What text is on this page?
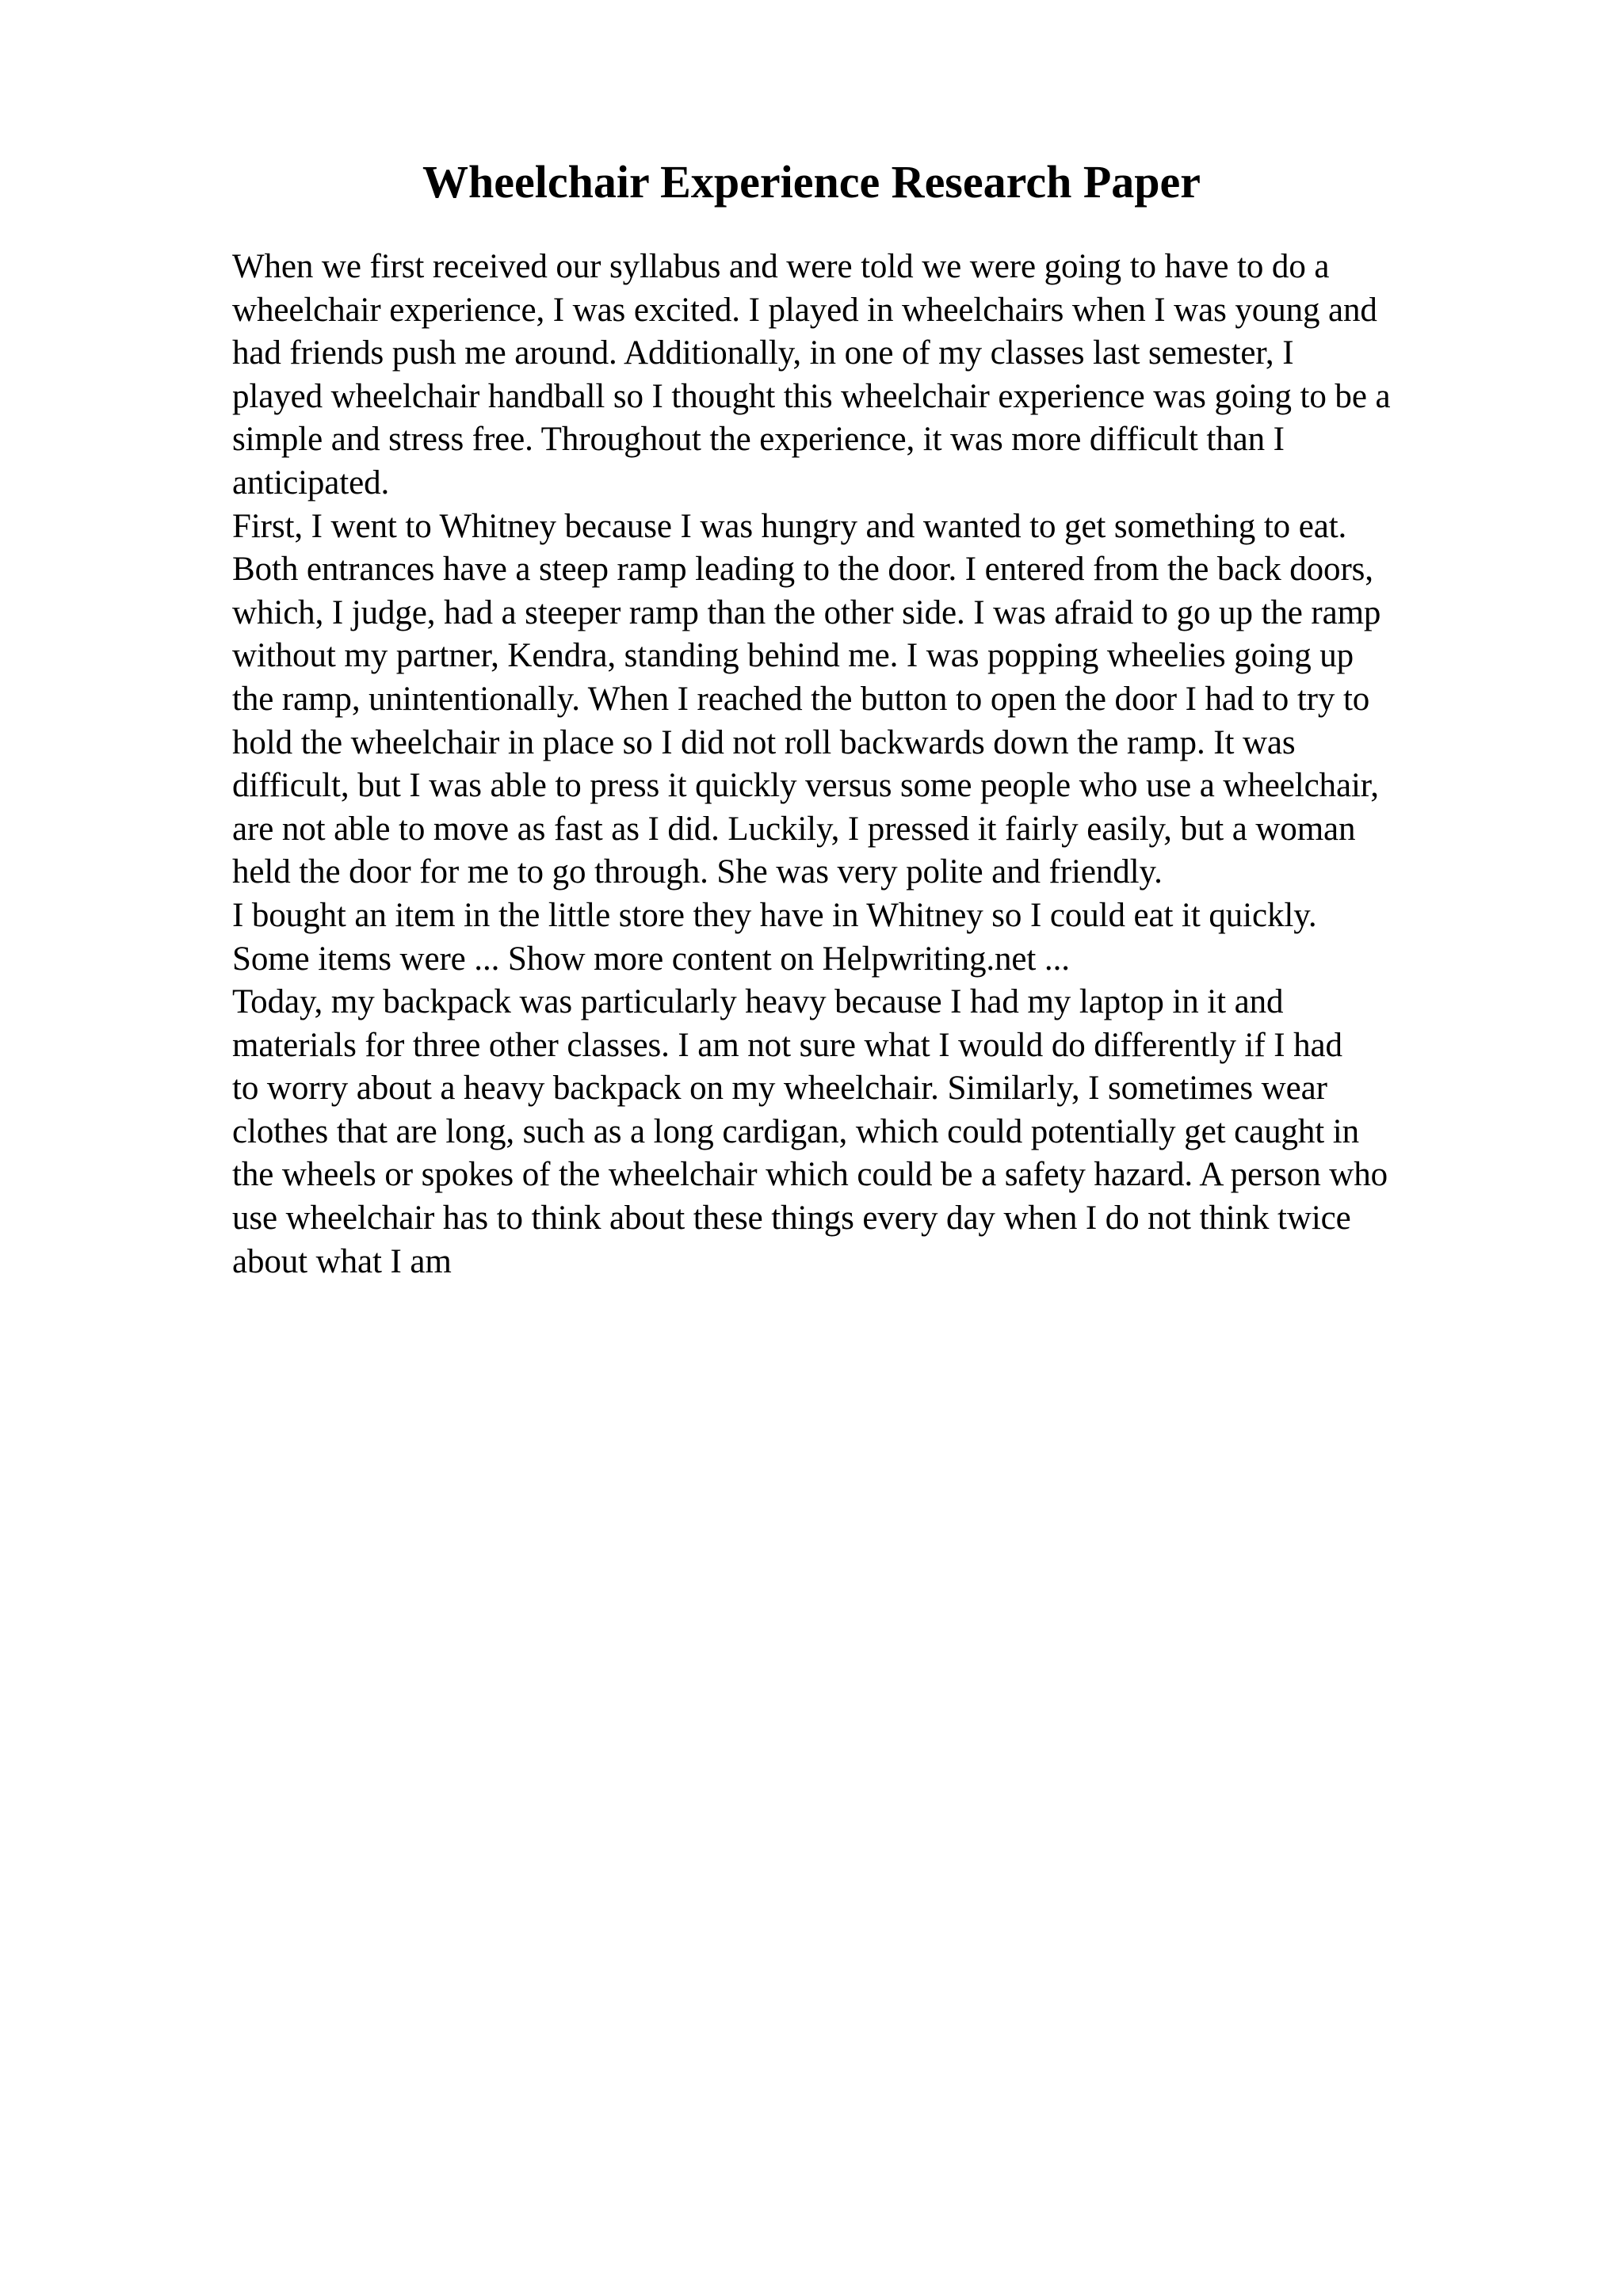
Wheelchair Experience Research Paper
When we first received our syllabus and were told we were going to have to do a
wheelchair experience, I was excited. I played in wheelchairs when I was young and
had friends push me around. Additionally, in one of my classes last semester, I
played wheelchair handball so I thought this wheelchair experience was going to be a
simple and stress free. Throughout the experience, it was more difficult than I
anticipated.
First, I went to Whitney because I was hungry and wanted to get something to eat.
Both entrances have a steep ramp leading to the door. I entered from the back doors,
which, I judge, had a steeper ramp than the other side. I was afraid to go up the ramp
without my partner, Kendra, standing behind me. I was popping wheelies going up
the ramp, unintentionally. When I reached the button to open the door I had to try to
hold the wheelchair in place so I did not roll backwards down the ramp. It was
difficult, but I was able to press it quickly versus some people who use a wheelchair,
are not able to move as fast as I did. Luckily, I pressed it fairly easily, but a woman
held the door for me to go through. She was very polite and friendly.
I bought an item in the little store they have in Whitney so I could eat it quickly.
Some items were ... Show more content on Helpwriting.net ...
Today, my backpack was particularly heavy because I had my laptop in it and
materials for three other classes. I am not sure what I would do differently if I had
to worry about a heavy backpack on my wheelchair. Similarly, I sometimes wear
clothes that are long, such as a long cardigan, which could potentially get caught in
the wheels or spokes of the wheelchair which could be a safety hazard. A person who
use wheelchair has to think about these things every day when I do not think twice
about what I am
